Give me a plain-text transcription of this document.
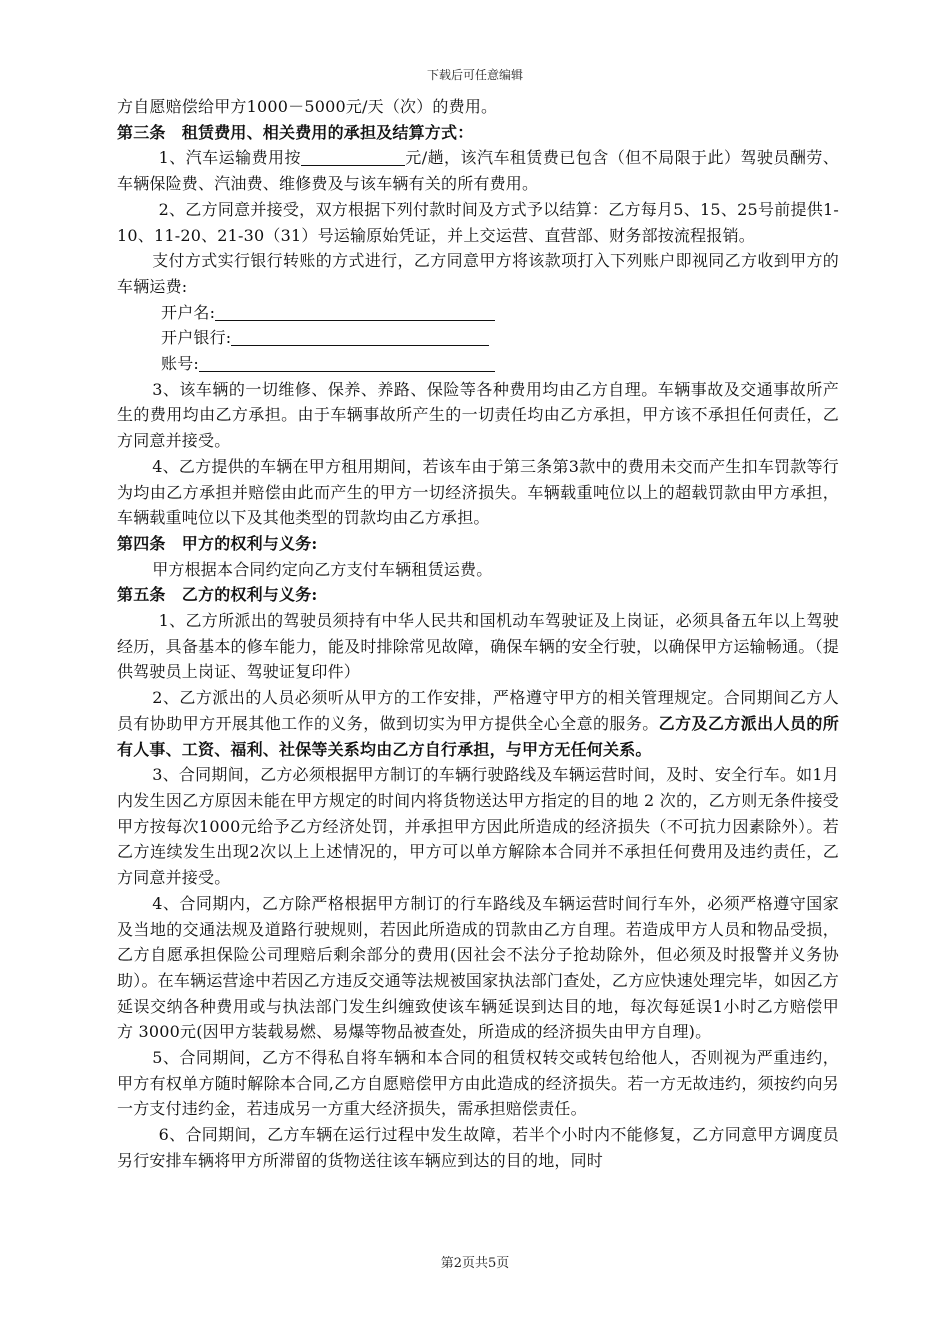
下载后可任意编辑

方自愿赔偿给甲方1000－5000元/天（次）的费用。

第三条　租赁费用、相关费用的承担及结算方式：

1、汽车运输费用按	元/趟，该汽车租赁费已包含（但不局限于此）驾驶员酬劳、车辆保险费、汽油费、维修费及与该车辆有关的所有费用。

2、乙方同意并接受，双方根据下列付款时间及方式予以结算：乙方每月5、15、25号前提供1-10、11-20、21-30（31）号运输原始凭证，并上交运营、直营部、财务部按流程报销。

支付方式实行银行转账的方式进行，乙方同意甲方将该款项打入下列账户即视同乙方收到甲方的车辆运费:

开户名:

开户银行:

账号:

3、该车辆的一切维修、保养、养路、保险等各种费用均由乙方自理。车辆事故及交通事故所产生的费用均由乙方承担。由于车辆事故所产生的一切责任均由乙方承担，甲方该不承担任何责任，乙方同意并接受。

4、乙方提供的车辆在甲方租用期间，若该车由于第三条第3款中的费用未交而产生扣车罚款等行为均由乙方承担并赔偿由此而产生的甲方一切经济损失。车辆载重吨位以上的超载罚款由甲方承担，车辆载重吨位以下及其他类型的罚款均由乙方承担。

第四条　甲方的权利与义务:

甲方根据本合同约定向乙方支付车辆租赁运费。

第五条　乙方的权利与义务:

1、乙方所派出的驾驶员须持有中华人民共和国机动车驾驶证及上岗证，必须具备五年以上驾驶经历，具备基本的修车能力，能及时排除常见故障，确保车辆的安全行驶，以确保甲方运输畅通。（提供驾驶员上岗证、驾驶证复印件）

2、乙方派出的人员必须听从甲方的工作安排，严格遵守甲方的相关管理规定。合同期间乙方人员有协助甲方开展其他工作的义务，做到切实为甲方提供全心全意的服务。乙方及乙方派出人员的所有人事、工资、福利、社保等关系均由乙方自行承担，与甲方无任何关系。

3、合同期间，乙方必须根据甲方制订的车辆行驶路线及车辆运营时间，及时、安全行车。如1月内发生因乙方原因未能在甲方规定的时间内将货物送达甲方指定的目的地 2 次的，乙方则无条件接受甲方按每次1000元给予乙方经济处罚，并承担甲方因此所造成的经济损失（不可抗力因素除外）。若乙方连续发生出现2次以上上述情况的，甲方可以单方解除本合同并不承担任何费用及违约责任，乙方同意并接受。

4、合同期内，乙方除严格根据甲方制订的行车路线及车辆运营时间行车外，必须严格遵守国家及当地的交通法规及道路行驶规则，若因此所造成的罚款由乙方自理。若造成甲方人员和物品受损，乙方自愿承担保险公司理赔后剩余部分的费用(因社会不法分子抢劫除外，但必须及时报警并义务协助）。在车辆运营途中若因乙方违反交通等法规被国家执法部门查处，乙方应快速处理完毕，如因乙方延误交纳各种费用或与执法部门发生纠缠致使该车辆延误到达目的地，每次每延误1小时乙方赔偿甲方 3000元(因甲方装载易燃、易爆等物品被查处，所造成的经济损失由甲方自理)。

5、合同期间，乙方不得私自将车辆和本合同的租赁权转交或转包给他人，否则视为严重违约，甲方有权单方随时解除本合同,乙方自愿赔偿甲方由此造成的经济损失。若一方无故违约，须按约向另一方支付违约金，若违成另一方重大经济损失，需承担赔偿责任。

6、合同期间，乙方车辆在运行过程中发生故障，若半个小时内不能修复，乙方同意甲方调度员另行安排车辆将甲方所滞留的货物送往该车辆应到达的目的地，同时

第2页共5页
